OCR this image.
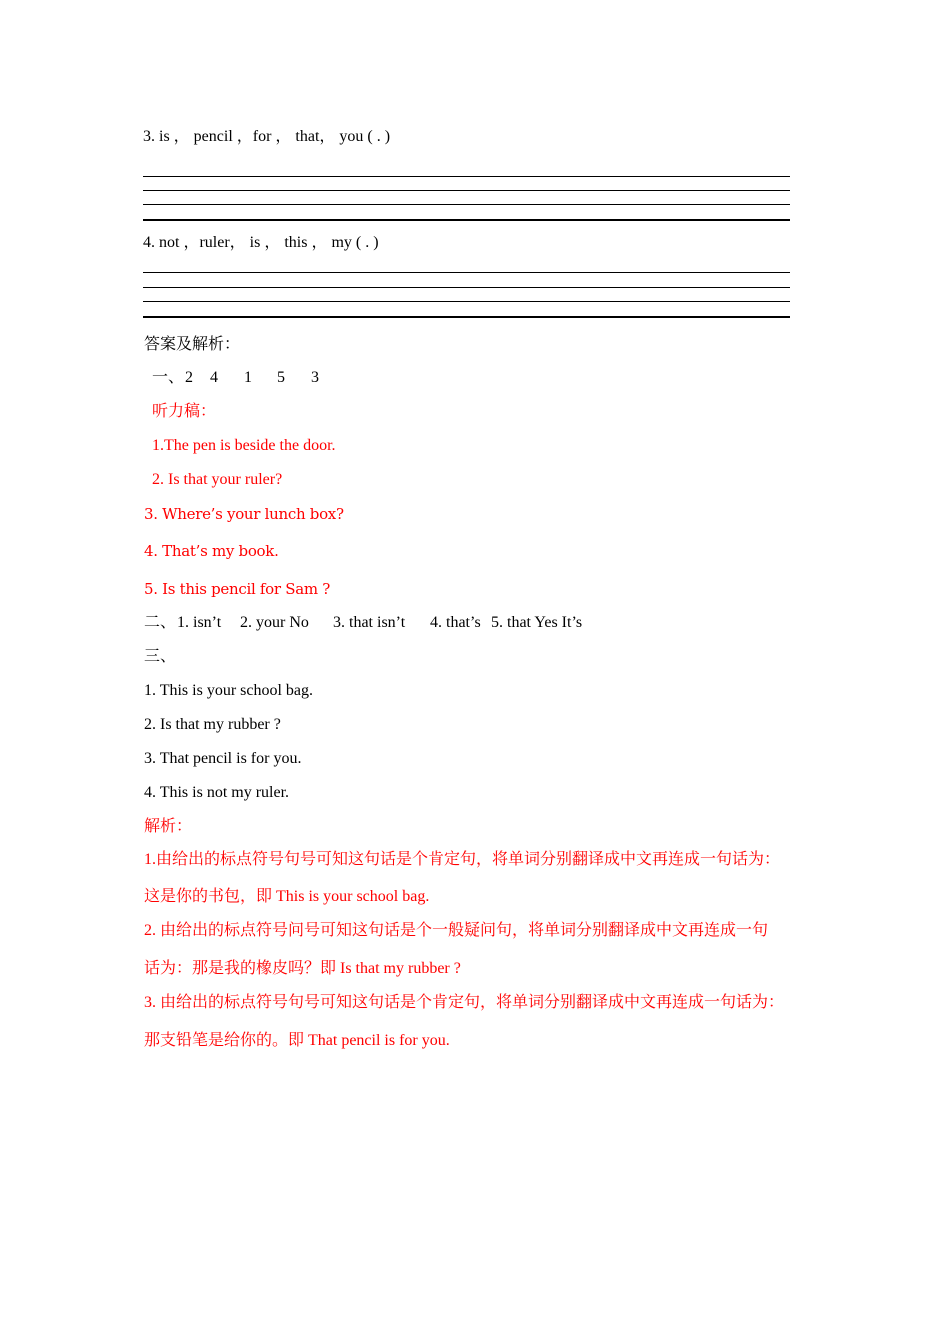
3. is ， pencil ，for ， that， you ( . )
4. not ，ruler， is ， this ， my ( . )
答案及解析：
一、 2 4 1 5 3
听力稿：
1.The pen is beside the door.
2. Is that your ruler?
3. Where’s your lunch box?
4. That’s my book.
5. Is this pencil for Sam ?
二、 1. isn’t 2. your No 3. that isn’t 4. that’s 5. that Yes It’s
三、
1. This is your school bag.
2. Is that my rubber ?
3. That pencil is for you.
4. This is not my ruler.
解析：
1.由给出的标点符号句号可知这句话是个肯定句，将单词分别翻译成中文再连成一句话为：
这是你的书包，即 This is your school bag.
2. 由给出的标点符号问号可知这句话是个一般疑问句，将单词分别翻译成中文再连成一句
话为：那是我的橡皮吗？即 Is that my rubber ?
3. 由给出的标点符号句号可知这句话是个肯定句，将单词分别翻译成中文再连成一句话为：
那支铅笔是给你的。即 That pencil is for you.
